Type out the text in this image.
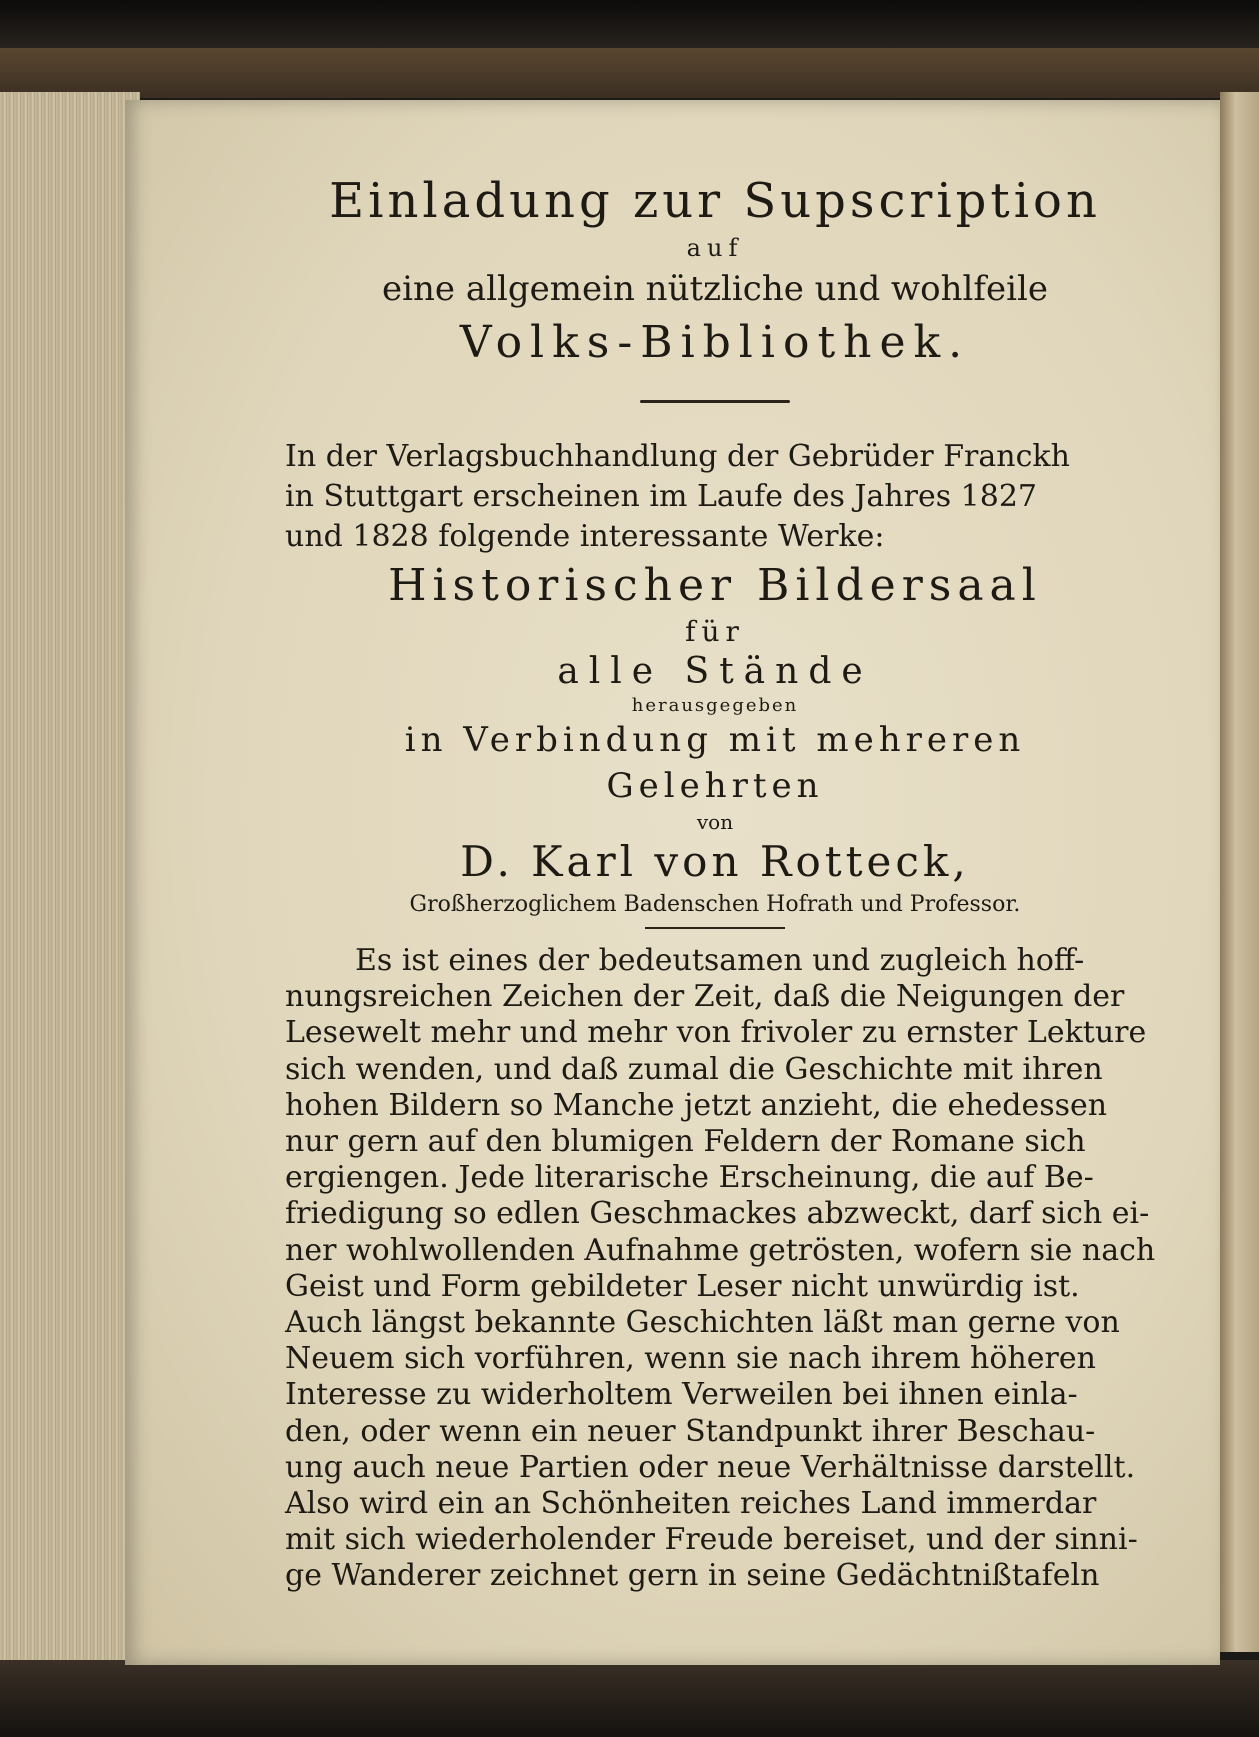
Einladung zur Supscription
auf
eine allgemein nützliche und wohlfeile
Volks-Bibliothek.
In der Verlagsbuchhandlung der Gebrüder Franckh
in Stuttgart erscheinen im Laufe des Jahres 1827
und 1828 folgende interessante Werke:
Historischer Bildersaal
für
alle Stände
herausgegeben
in Verbindung mit mehreren Gelehrten
von
D. Karl von Rotteck,
Großherzoglichem Badenschen Hofrath und Professor.
Es ist eines der bedeutsamen und zugleich hoff-
nungsreichen Zeichen der Zeit, daß die Neigungen der
Lesewelt mehr und mehr von frivoler zu ernster Lekture
sich wenden, und daß zumal die Geschichte mit ihren
hohen Bildern so Manche jetzt anzieht, die ehedessen
nur gern auf den blumigen Feldern der Romane sich
ergiengen. Jede literarische Erscheinung, die auf Be-
friedigung so edlen Geschmackes abzweckt, darf sich ei-
ner wohlwollenden Aufnahme getrösten, wofern sie nach
Geist und Form gebildeter Leser nicht unwürdig ist.
Auch längst bekannte Geschichten läßt man gerne von
Neuem sich vorführen, wenn sie nach ihrem höheren
Interesse zu widerholtem Verweilen bei ihnen einla-
den, oder wenn ein neuer Standpunkt ihrer Beschau-
ung auch neue Partien oder neue Verhältnisse darstellt.
Also wird ein an Schönheiten reiches Land immerdar
mit sich wiederholender Freude bereiset, und der sinni-
ge Wanderer zeichnet gern in seine Gedächtnißtafeln
